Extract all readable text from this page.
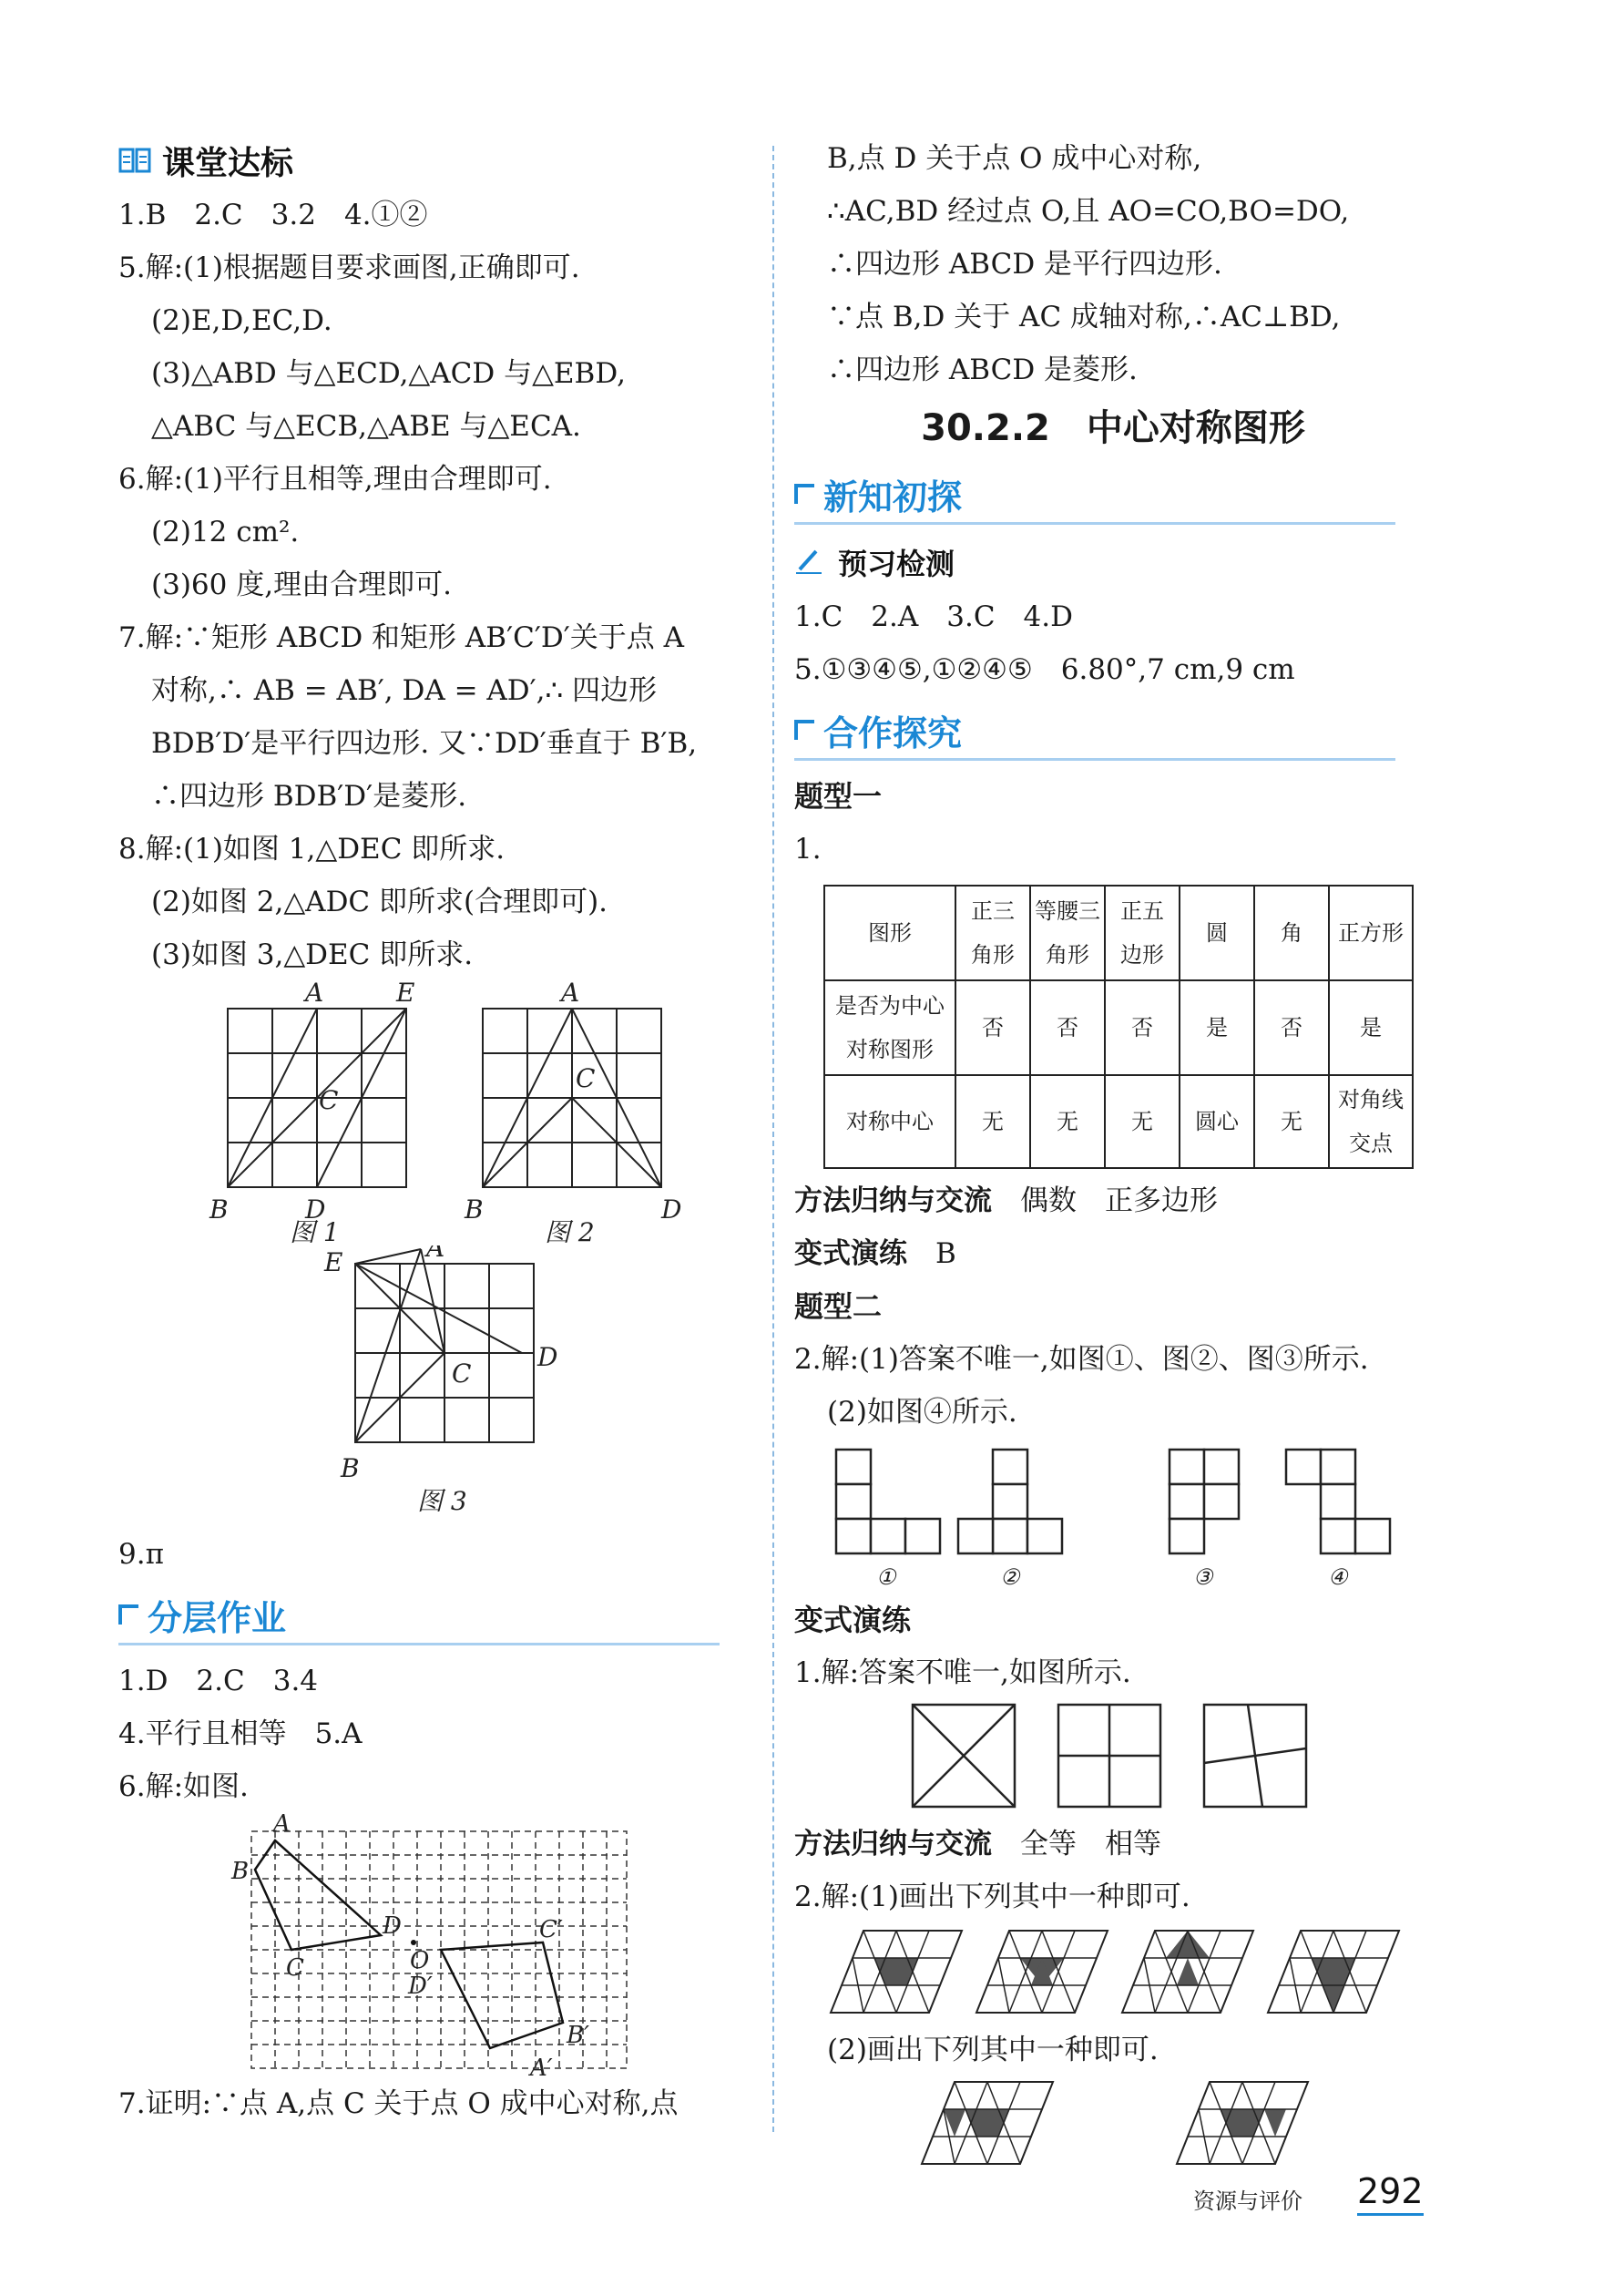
课堂达标
1.B　2.C　3.2　4.①②
5.解:(1)根据题目要求画图,正确即可.
(2)E,D,EC,D.
(3)△ABD 与△ECD,△ACD 与△EBD,
△ABC 与△ECB,△ABE 与△ECA.
6.解:(1)平行且相等,理由合理即可.
(2)12 cm².
(3)60 度,理由合理即可.
7.解:∵矩形 ABCD 和矩形 AB′C′D′关于点 A
对称,∴ AB = AB′, DA = AD′,∴ 四边形
BDB′D′是平行四边形. 又∵DD′垂直于 B′B,
∴四边形 BDB′D′是菱形.
8.解:(1)如图 1,△DEC 即所求.
(2)如图 2,△ADC 即所求(合理即可).
(3)如图 3,△DEC 即所求.
A	E
C
B	D
A
C
B	D
图 1	图 2
E	A
C
D
B
图 3
9.π
分层作业
1.D　2.C　3.4
4.平行且相等　5.A
6.解:如图.
A
B
C
D
O
C′
D′
B′
A′
7.证明:∵点 A,点 C 关于点 O 成中心对称,点
B,点 D 关于点 O 成中心对称,
∴AC,BD 经过点 O,且 AO=CO,BO=DO,
∴四边形 ABCD 是平行四边形.
∵点 B,D 关于 AC 成轴对称,∴AC⊥BD,
∴四边形 ABCD 是菱形.
30.2.2　中心对称图形
新知初探
预习检测
1.C　2.A　3.C　4.D
5.①③④⑤,①②④⑤　6.80°,7 cm,9 cm
合作探究
题型一
1.
图形	正三
角形	等腰三
角形	正五
边形	圆	角	正方形
是否为中心
对称图形	否	否	否	是	否	是
对称中心	无	无	无	圆心	无	对角线
交点
方法归纳与交流　 偶数　正多边形
变式演练　 B
题型二
2.解:(1)答案不唯一,如图①、图②、图③所示.
(2)如图④所示.
①	②	③	④
变式演练
1.解:答案不唯一,如图所示.
方法归纳与交流　 全等　相等
2.解:(1)画出下列其中一种即可.
(2)画出下列其中一种即可.
资源与评价 292
